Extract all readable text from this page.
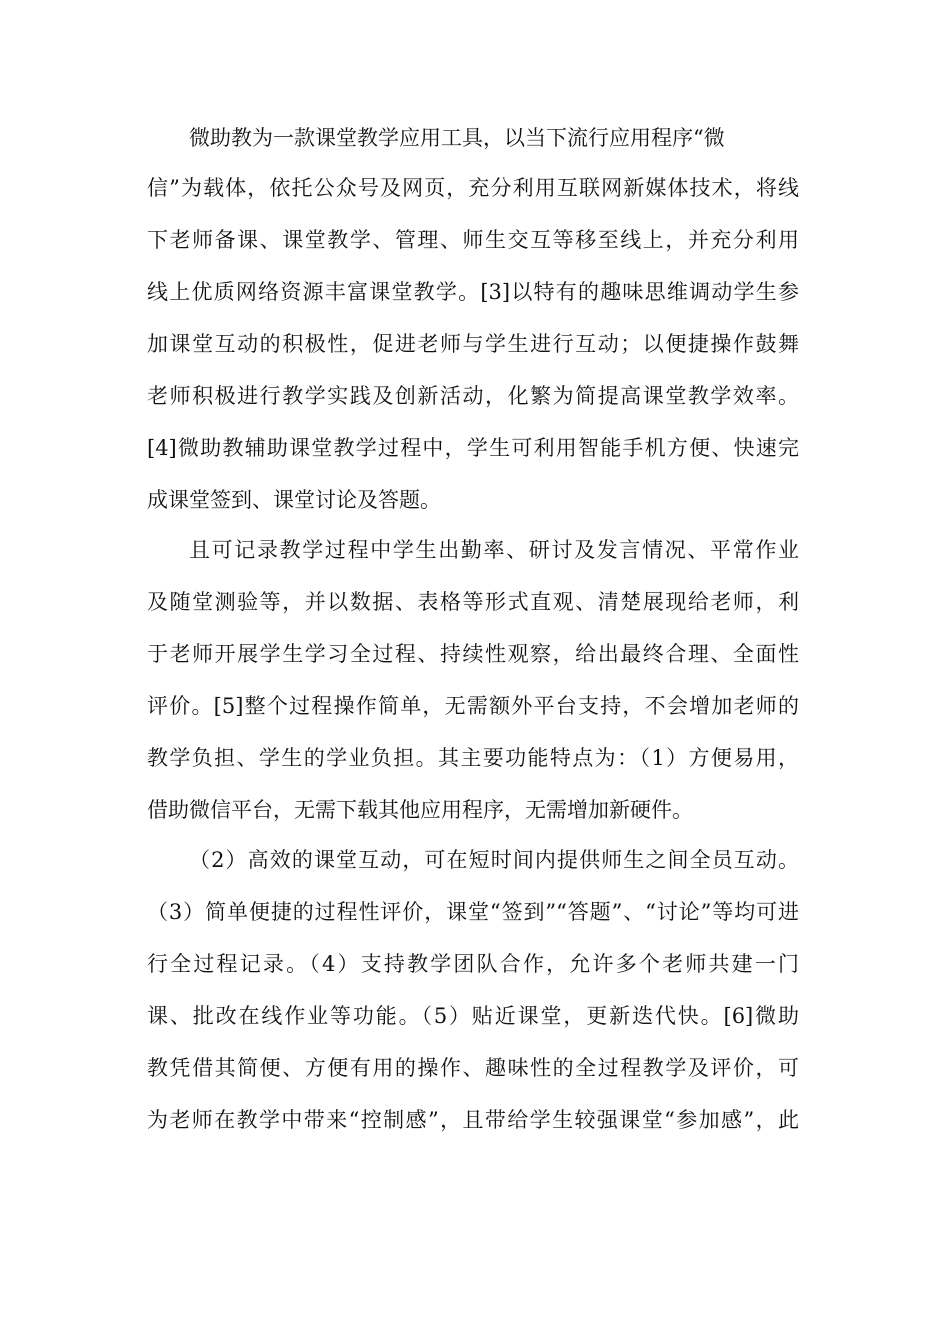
微助教为一款课堂教学应用工具，以当下流行应用程序“微
信”为载体，依托公众号及网页，充分利用互联网新媒体技术，将线
下老师备课、课堂教学、管理、师生交互等移至线上，并充分利用
线上优质网络资源丰富课堂教学。[3]以特有的趣味思维调动学生参
加课堂互动的积极性，促进老师与学生进行互动；以便捷操作鼓舞
老师积极进行教学实践及创新活动，化繁为简提高课堂教学效率。
[4]微助教辅助课堂教学过程中，学生可利用智能手机方便、快速完
成课堂签到、课堂讨论及答题。
且可记录教学过程中学生出勤率、研讨及发言情况、平常作业
及随堂测验等，并以数据、表格等形式直观、清楚展现给老师，利
于老师开展学生学习全过程、持续性观察，给出最终合理、全面性
评价。[5]整个过程操作简单，无需额外平台支持，不会增加老师的
教学负担、学生的学业负担。其主要功能特点为：（1）方便易用，
借助微信平台，无需下载其他应用程序，无需增加新硬件。
（2）高效的课堂互动，可在短时间内提供师生之间全员互动。
（3）简单便捷的过程性评价，课堂“签到”“答题”、“讨论”等均可进
行全过程记录。（4）支持教学团队合作，允许多个老师共建一门
课、批改在线作业等功能。（5）贴近课堂，更新迭代快。[6]微助
教凭借其简便、方便有用的操作、趣味性的全过程教学及评价，可
为老师在教学中带来“控制感”，且带给学生较强课堂“参加感”，此
